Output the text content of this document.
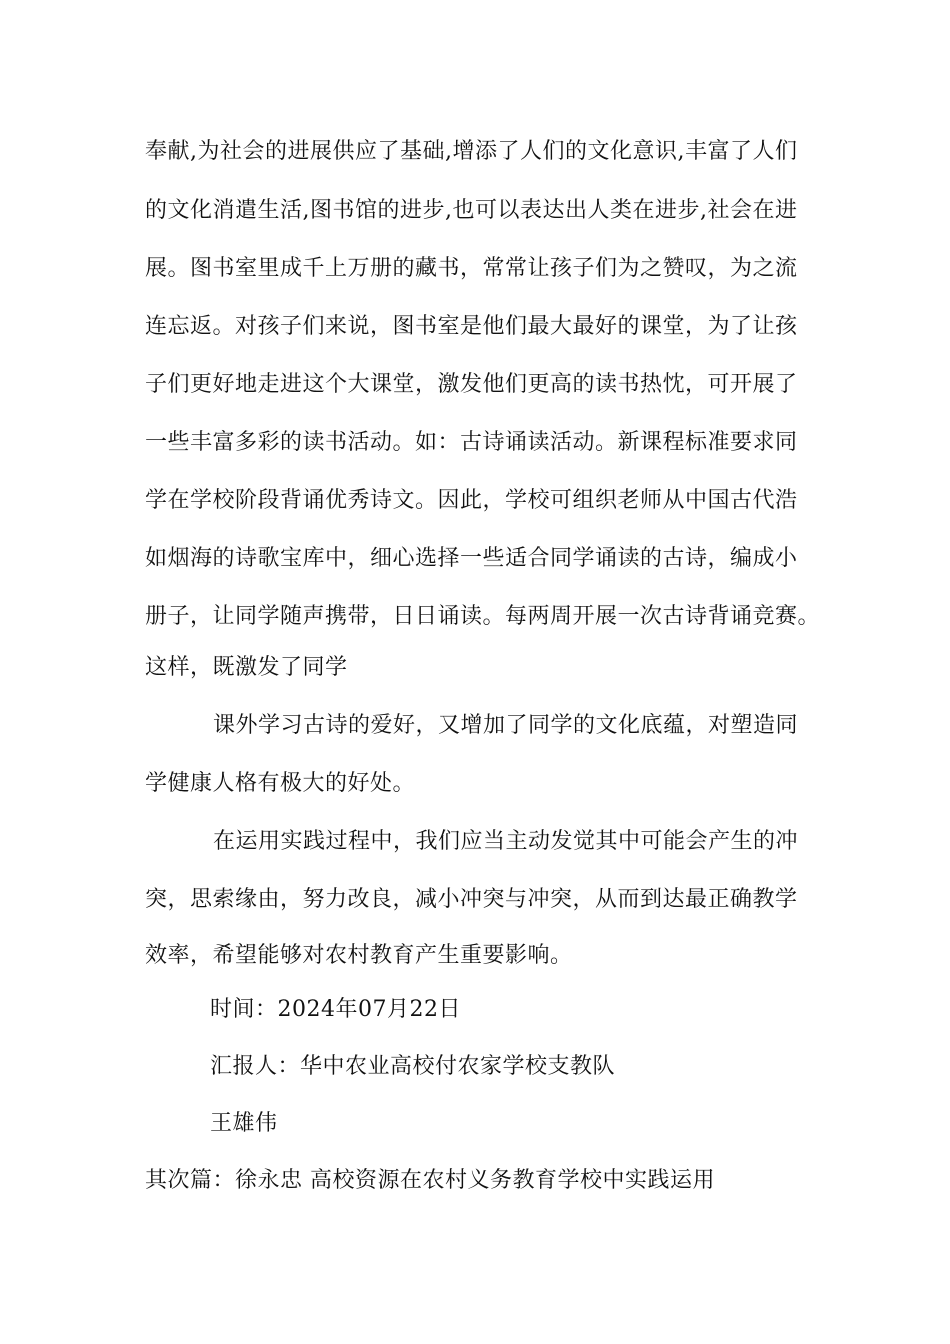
奉献,为社会的进展供应了基础,增添了人们的文化意识,丰富了人们
的文化消遣生活,图书馆的进步,也可以表达出人类在进步,社会在进
展。图书室里成千上万册的藏书，常常让孩子们为之赞叹，为之流
连忘返。对孩子们来说，图书室是他们最大最好的课堂，为了让孩
子们更好地走进这个大课堂，激发他们更高的读书热忱，可开展了
一些丰富多彩的读书活动。如：古诗诵读活动。新课程标准要求同
学在学校阶段背诵优秀诗文。因此，学校可组织老师从中国古代浩
如烟海的诗歌宝库中，细心选择一些适合同学诵读的古诗，编成小
册子，让同学随声携带，日日诵读。每两周开展一次古诗背诵竞赛。
这样，既激发了同学
课外学习古诗的爱好，又增加了同学的文化底蕴，对塑造同
学健康人格有极大的好处。
在运用实践过程中，我们应当主动发觉其中可能会产生的冲
突，思索缘由，努力改良，减小冲突与冲突，从而到达最正确教学
效率，希望能够对农村教育产生重要影响。
时间：2024年07月22日
汇报人：华中农业高校付农家学校支教队
王雄伟
其次篇：徐永忠 高校资源在农村义务教育学校中实践运用
